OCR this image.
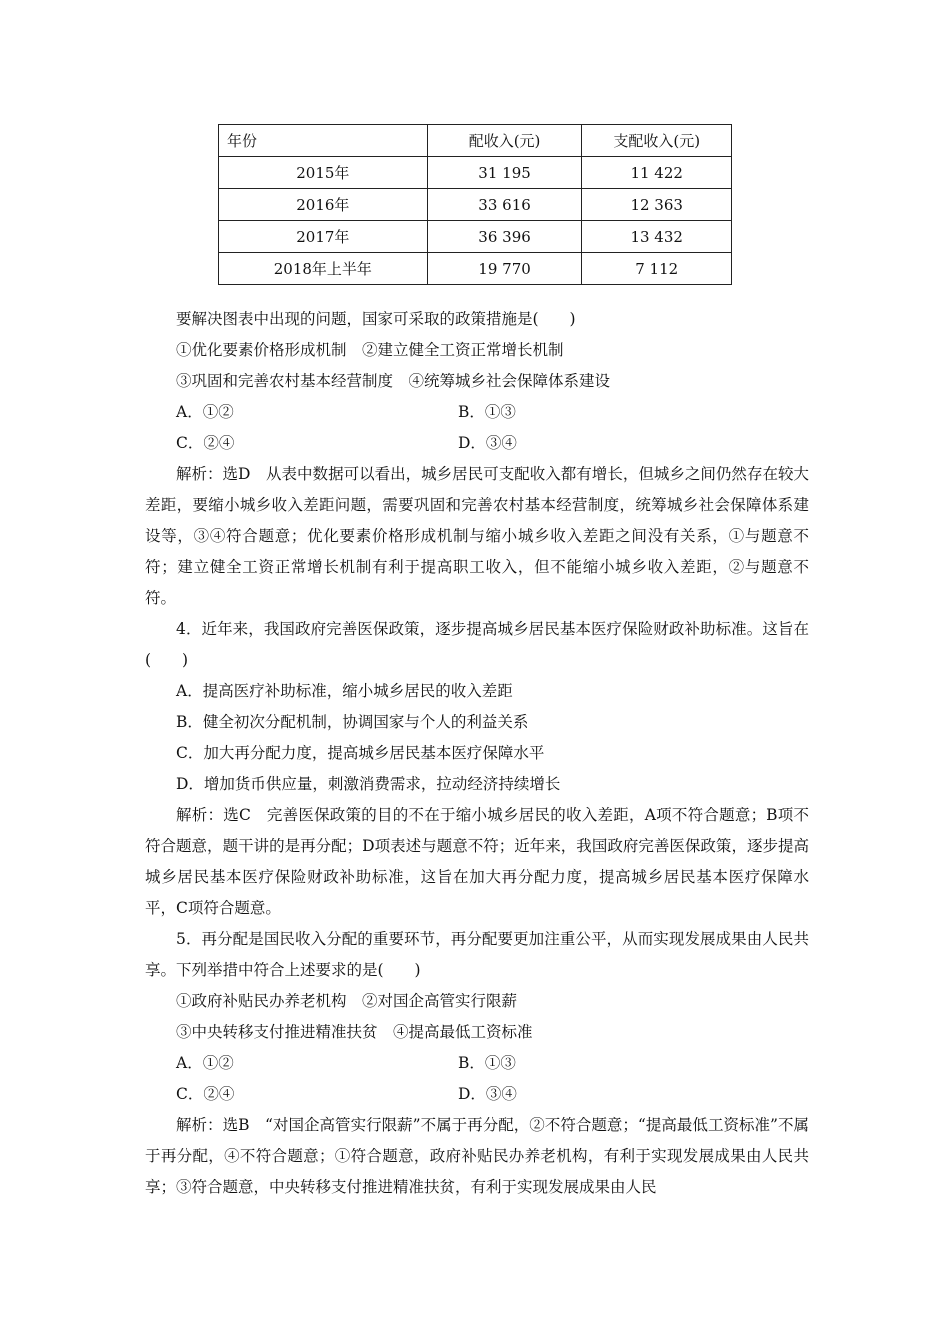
年份	配收入(元)	支配收入(元)
2015年	31 195	11 422
2016年	33 616	12 363
2017年	36 396	13 432
2018年上半年	19 770	7 112
要解决图表中出现的问题，国家可采取的政策措施是(　　)
①优化要素价格形成机制　②建立健全工资正常增长机制
③巩固和完善农村基本经营制度　④统筹城乡社会保障体系建设
A．①②	B．①③
C．②④	D．③④

解析：选D　从表中数据可以看出，城乡居民可支配收入都有增长，但城乡之间仍然存在较大差距，要缩小城乡收入差距问题，需要巩固和完善农村基本经营制度，统筹城乡社会保障体系建设等，③④符合题意；优化要素价格形成机制与缩小城乡收入差距之间没有关系，①与题意不符；建立健全工资正常增长机制有利于提高职工收入，但不能缩小城乡收入差距，②与题意不符。

4．近年来，我国政府完善医保政策，逐步提高城乡居民基本医疗保险财政补助标准。这旨在(　　)

A．提高医疗补助标准，缩小城乡居民的收入差距
B．健全初次分配机制，协调国家与个人的利益关系
C．加大再分配力度，提高城乡居民基本医疗保障水平
D．增加货币供应量，刺激消费需求，拉动经济持续增长

解析：选C　完善医保政策的目的不在于缩小城乡居民的收入差距，A项不符合题意；B项不符合题意，题干讲的是再分配；D项表述与题意不符；近年来，我国政府完善医保政策，逐步提高城乡居民基本医疗保险财政补助标准，这旨在加大再分配力度，提高城乡居民基本医疗保障水平，C项符合题意。

5．再分配是国民收入分配的重要环节，再分配要更加注重公平，从而实现发展成果由人民共享。下列举措中符合上述要求的是(　　)

①政府补贴民办养老机构　②对国企高管实行限薪
③中央转移支付推进精准扶贫　④提高最低工资标准
A．①②	B．①③
C．②④	D．③④

解析：选B　“对国企高管实行限薪”不属于再分配，②不符合题意；“提高最低工资标准”不属于再分配，④不符合题意；①符合题意，政府补贴民办养老机构，有利于实现发展成果由人民共享；③符合题意，中央转移支付推进精准扶贫，有利于实现发展成果由人民
